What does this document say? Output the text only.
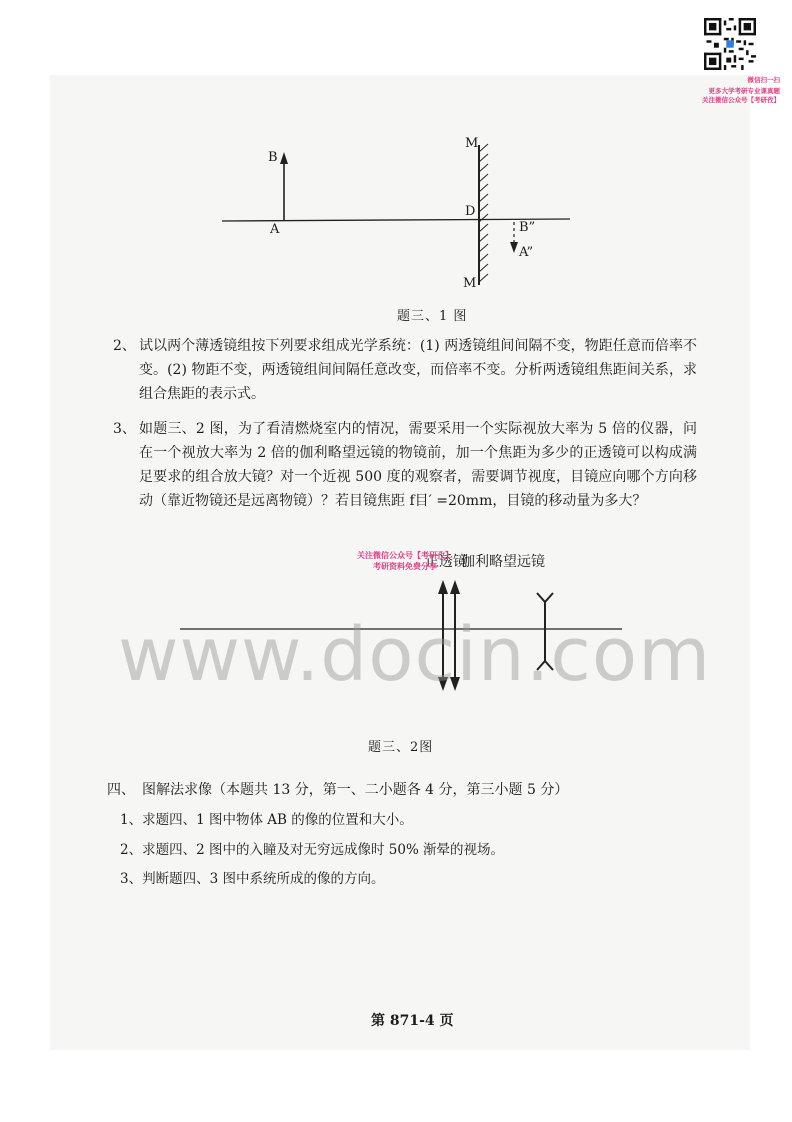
微信扫一扫
更多大学考研专业课真题
关注微信公众号【考研孜】
B
A
M
D
M
B”
A”
题三、1 图
2、 试以两个薄透镜组按下列要求组成光学系统：(1) 两透镜组间间隔不变，物距任意而倍率不变。(2) 物距不变，两透镜组间间隔任意改变，而倍率不变。分析两透镜组焦距间关系，求组合焦距的表示式。
3、 如题三、2 图，为了看清燃烧室内的情况，需要采用一个实际视放大率为 5 倍的仪器，问在一个视放大率为 2 倍的伽利略望远镜的物镜前，加一个焦距为多少的正透镜可以构成满足要求的组合放大镜？对一个近视 500 度的观察者，需要调节视度，目镜应向哪个方向移动（靠近物镜还是远离物镜）？若目镜焦距 f目′ =20mm，目镜的移动量为多大？
正透镜
伽利略望远镜
题三、2图
四、　图解法求像（本题共 13 分，第一、二小题各 4 分，第三小题 5 分）
1、求题四、1 图中物体 AB 的像的位置和大小。
2、求题四、2 图中的入瞳及对无穷远成像时 50% 渐晕的视场。
3、判断题四、3 图中系统所成的像的方向。
第 871-4 页
关注微信公众号【考研孜】
考研资料免费分享
www.docin.com
